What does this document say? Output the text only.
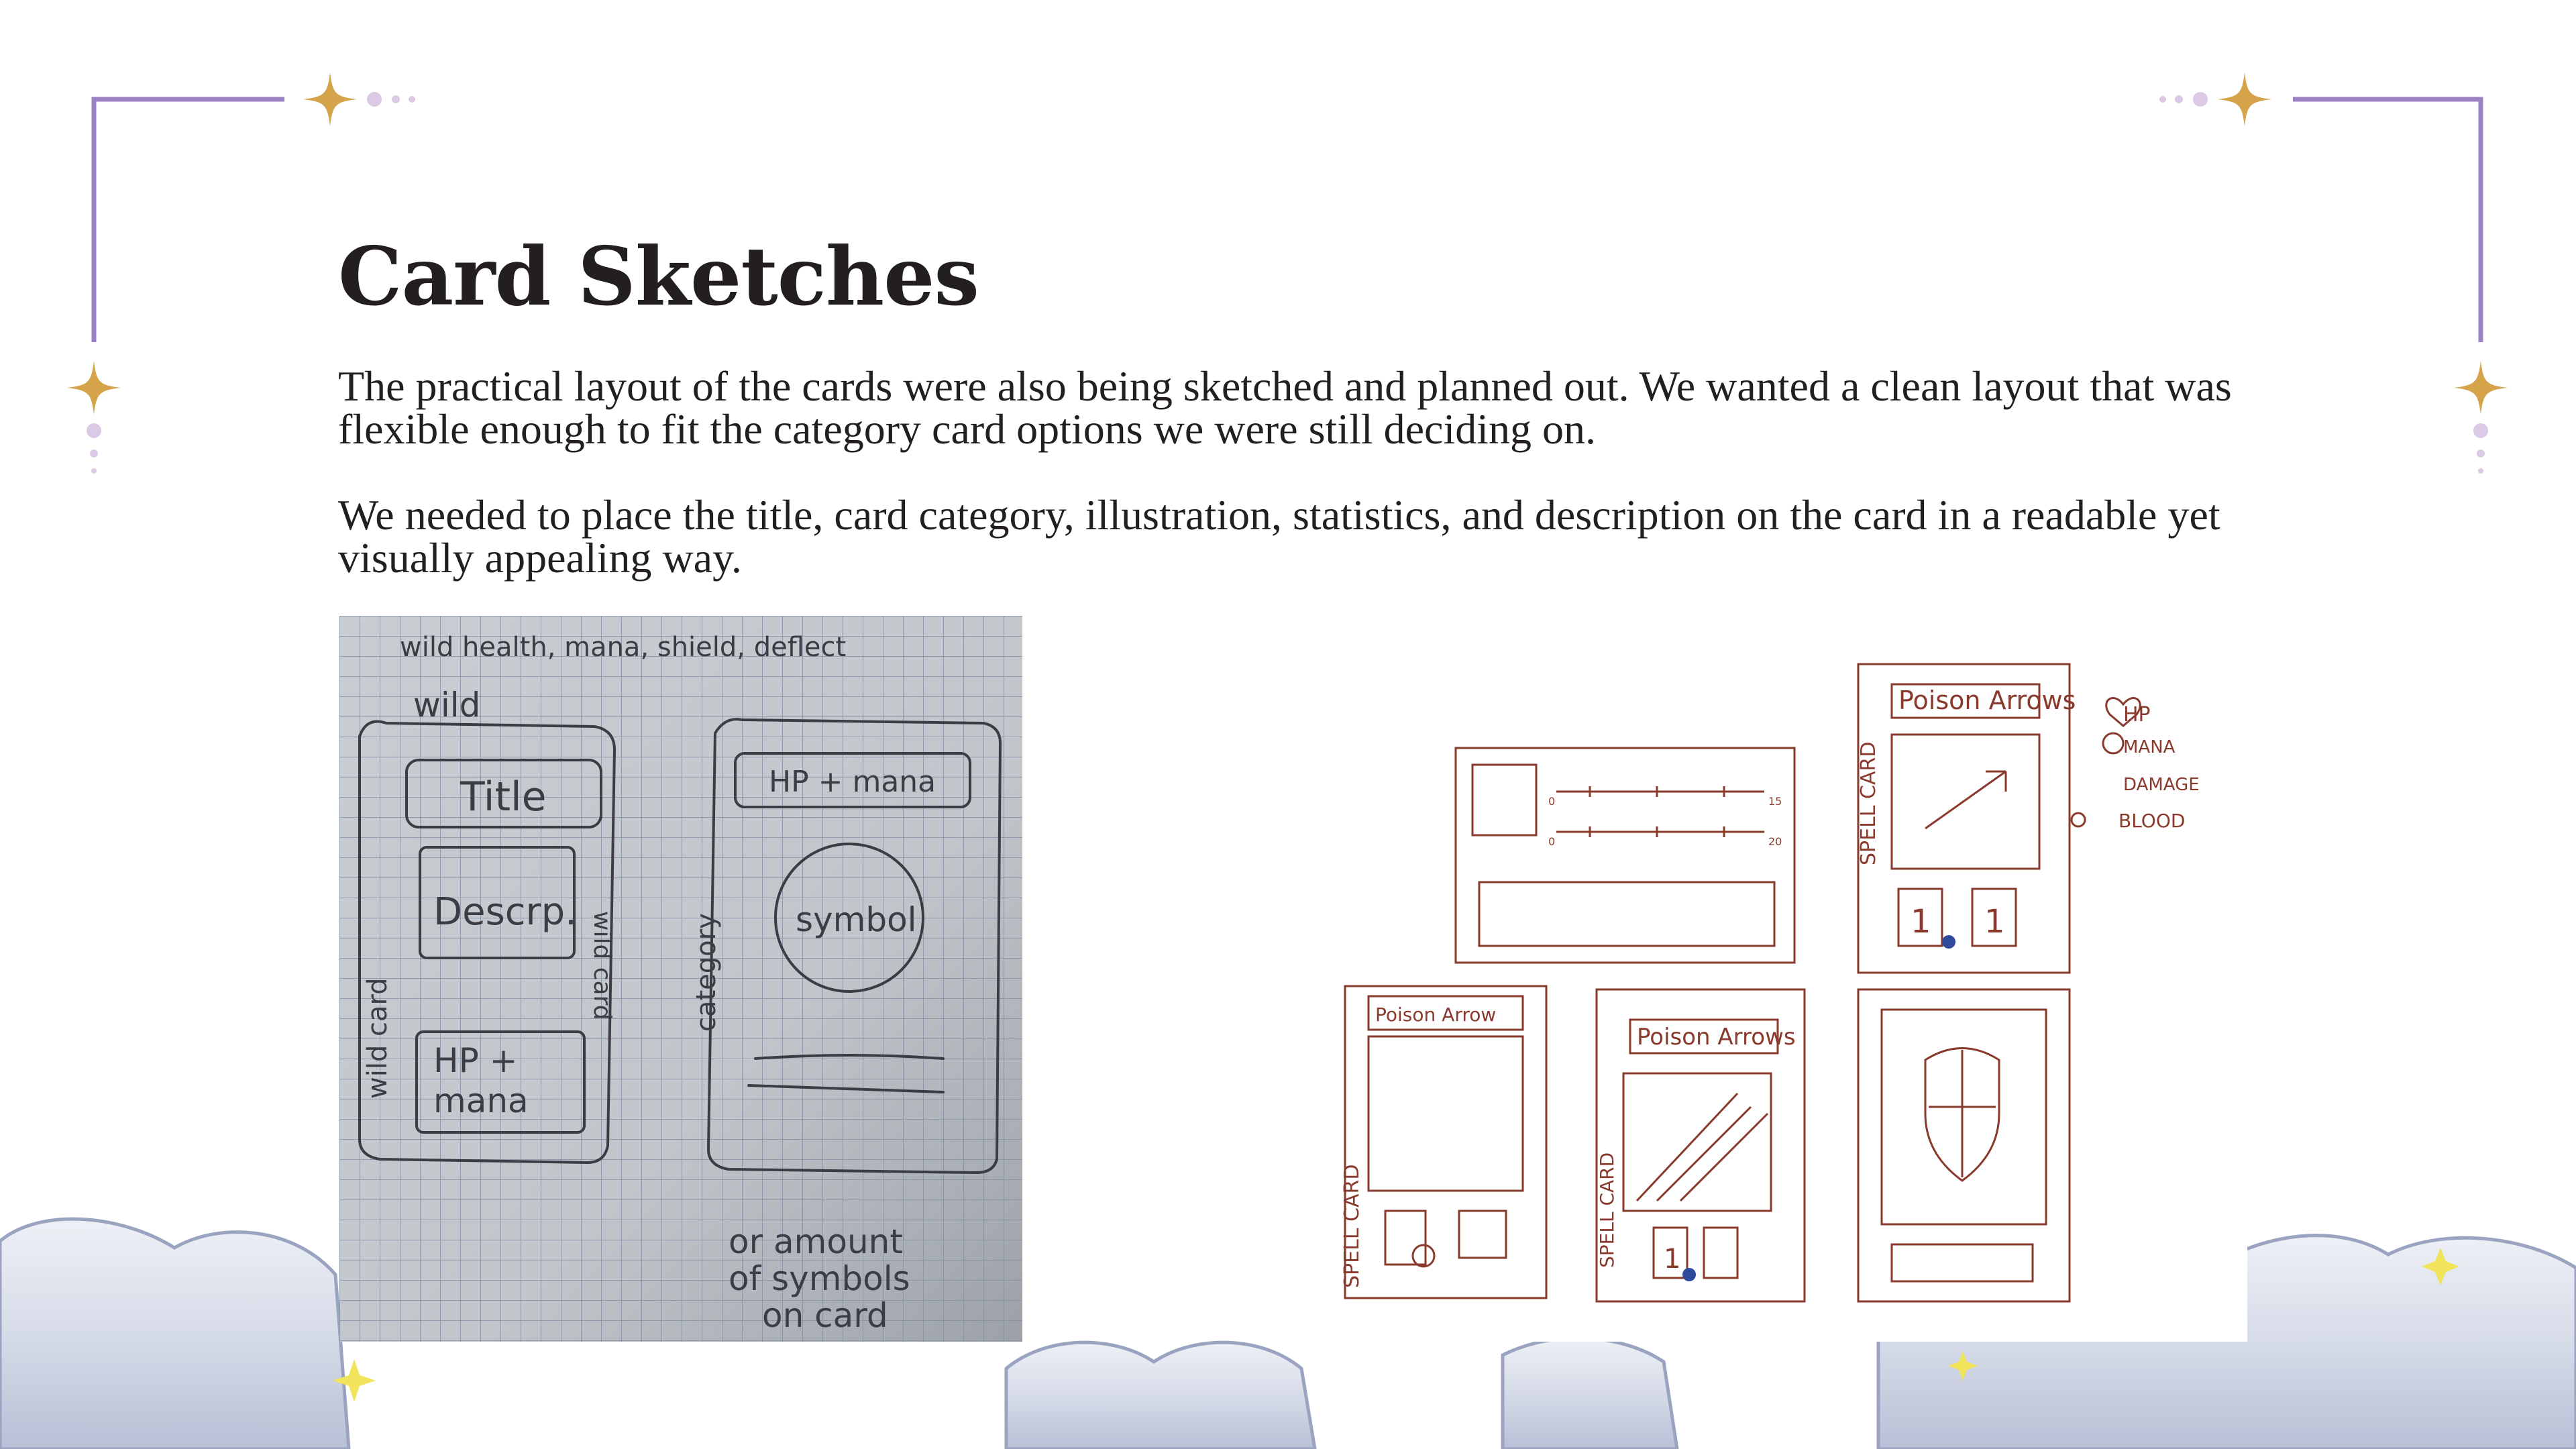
Card Sketches

The practical layout of the cards were also being sketched and planned out. We wanted a clean layout that was flexible enough to fit the category card options we were still deciding on.

We needed to place the title, card category, illustration, statistics, and description on the card in a readable yet visually appealing way.

wild health, mana, shield, deflect
wild
Title
Descrp.
HP +
mana
wild card
wild card
HP + mana
symbol
category
or amount
of symbols
on card
Poison Arrows
Poison Arrow
Poison Arrows
SPELL CARD
SPELL CARD	SPELL CARD
1 1
1
15
20
0
0
HP
MANA
DAMAGE
BLOOD
